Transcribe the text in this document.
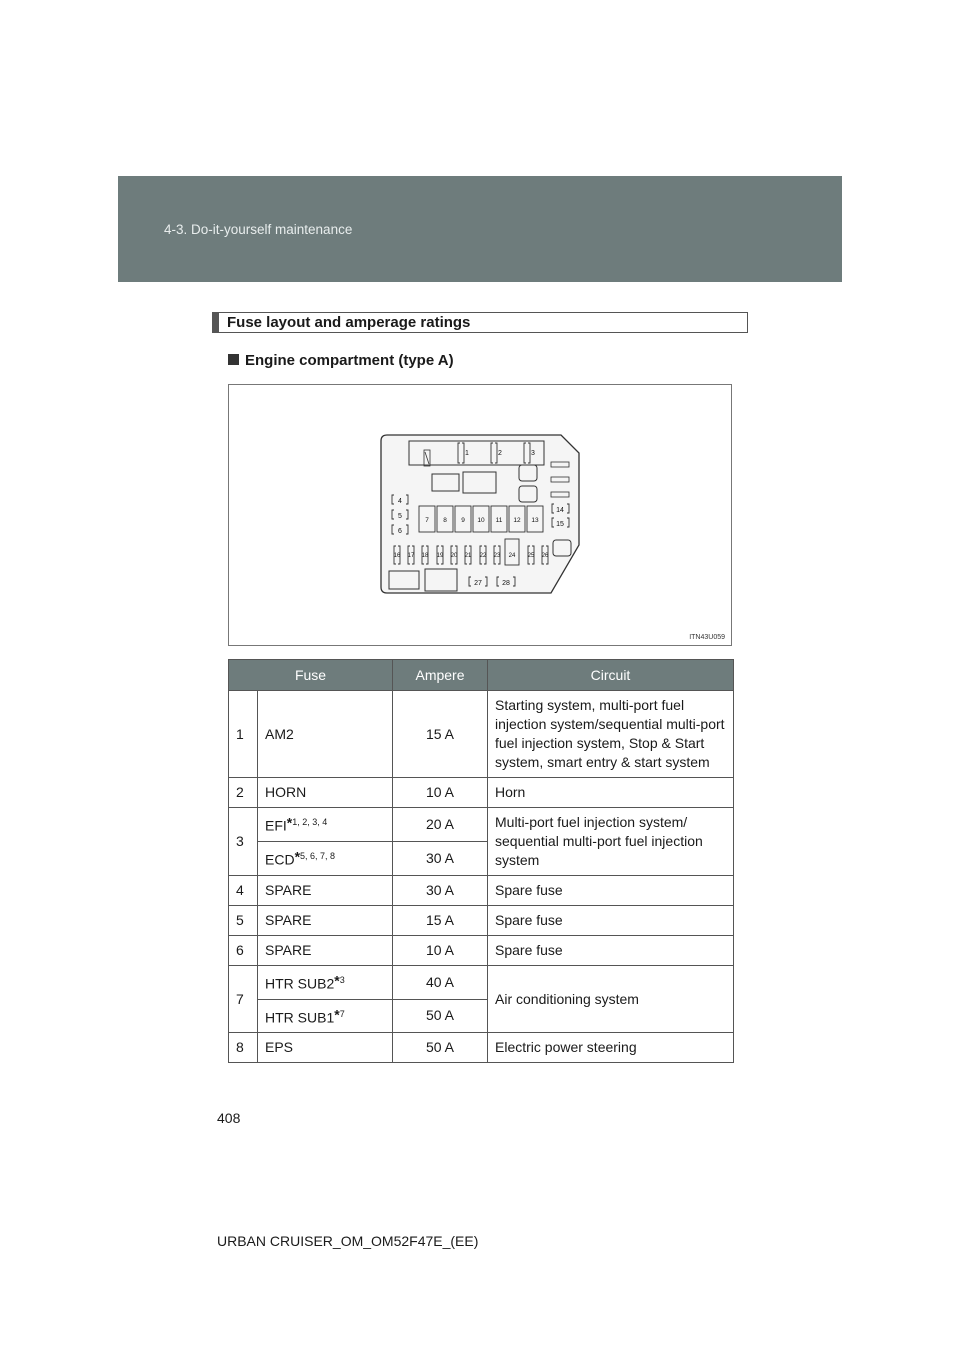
4-3. Do-it-yourself maintenance
Fuse layout and amperage ratings
Engine compartment (type A)
1	2	3
4
5
6
7 8 9 10 11 12 13
14
15
16 17 18 19 20 21 22 23 24 25 26
27	28
ITN43U059
Fuse		Ampere	Circuit
1	AM2	15 A	Starting system, multi-port fuel injection system/sequential multi-port fuel injection system, Stop & Start system, smart entry & start system
2	HORN	10 A	Horn
3	EFI*$^{1, 2, 3, 4}$	20 A	Multi-port fuel injection system/ sequential multi-port fuel injection system
	ECD*$^{5, 6, 7, 8}$	30 A	
4	SPARE	30 A	Spare fuse
5	SPARE	15 A	Spare fuse
6	SPARE	10 A	Spare fuse
7	HTR SUB2*$^3$	40 A	Air conditioning system
	HTR SUB1*$^7$	50 A	
8	EPS	50 A	Electric power steering
408
URBAN CRUISER_OM_OM52F47E_(EE)
